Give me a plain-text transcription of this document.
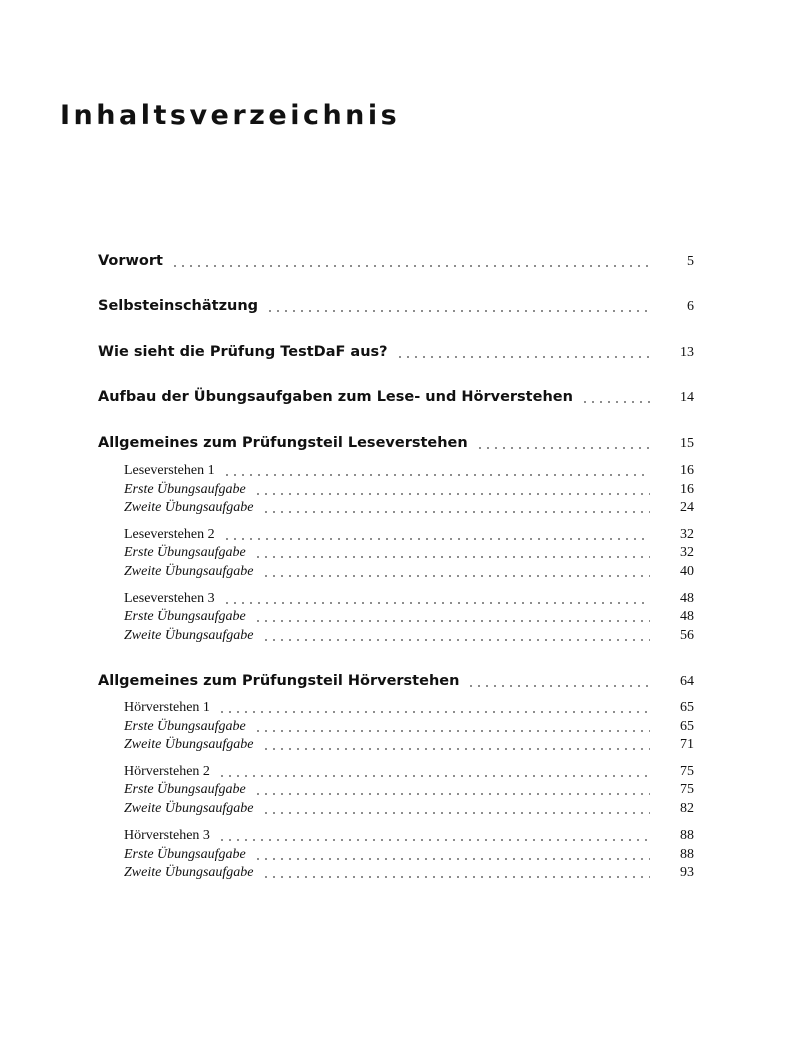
Inhaltsverzeichnis
Vorwort	5
Selbsteinschätzung	6
Wie sieht die Prüfung TestDaF aus?	13
Aufbau der Übungsaufgaben zum Lese- und Hörverstehen	14
Allgemeines zum Prüfungsteil Leseverstehen	15
Leseverstehen 1	16
Erste Übungsaufgabe	16
Zweite Übungsaufgabe	24
Leseverstehen 2	32
Erste Übungsaufgabe	32
Zweite Übungsaufgabe	40
Leseverstehen 3	48
Erste Übungsaufgabe	48
Zweite Übungsaufgabe	56
Allgemeines zum Prüfungsteil Hörverstehen	64
Hörverstehen 1	65
Erste Übungsaufgabe	65
Zweite Übungsaufgabe	71
Hörverstehen 2	75
Erste Übungsaufgabe	75
Zweite Übungsaufgabe	82
Hörverstehen 3	88
Erste Übungsaufgabe	88
Zweite Übungsaufgabe	93
